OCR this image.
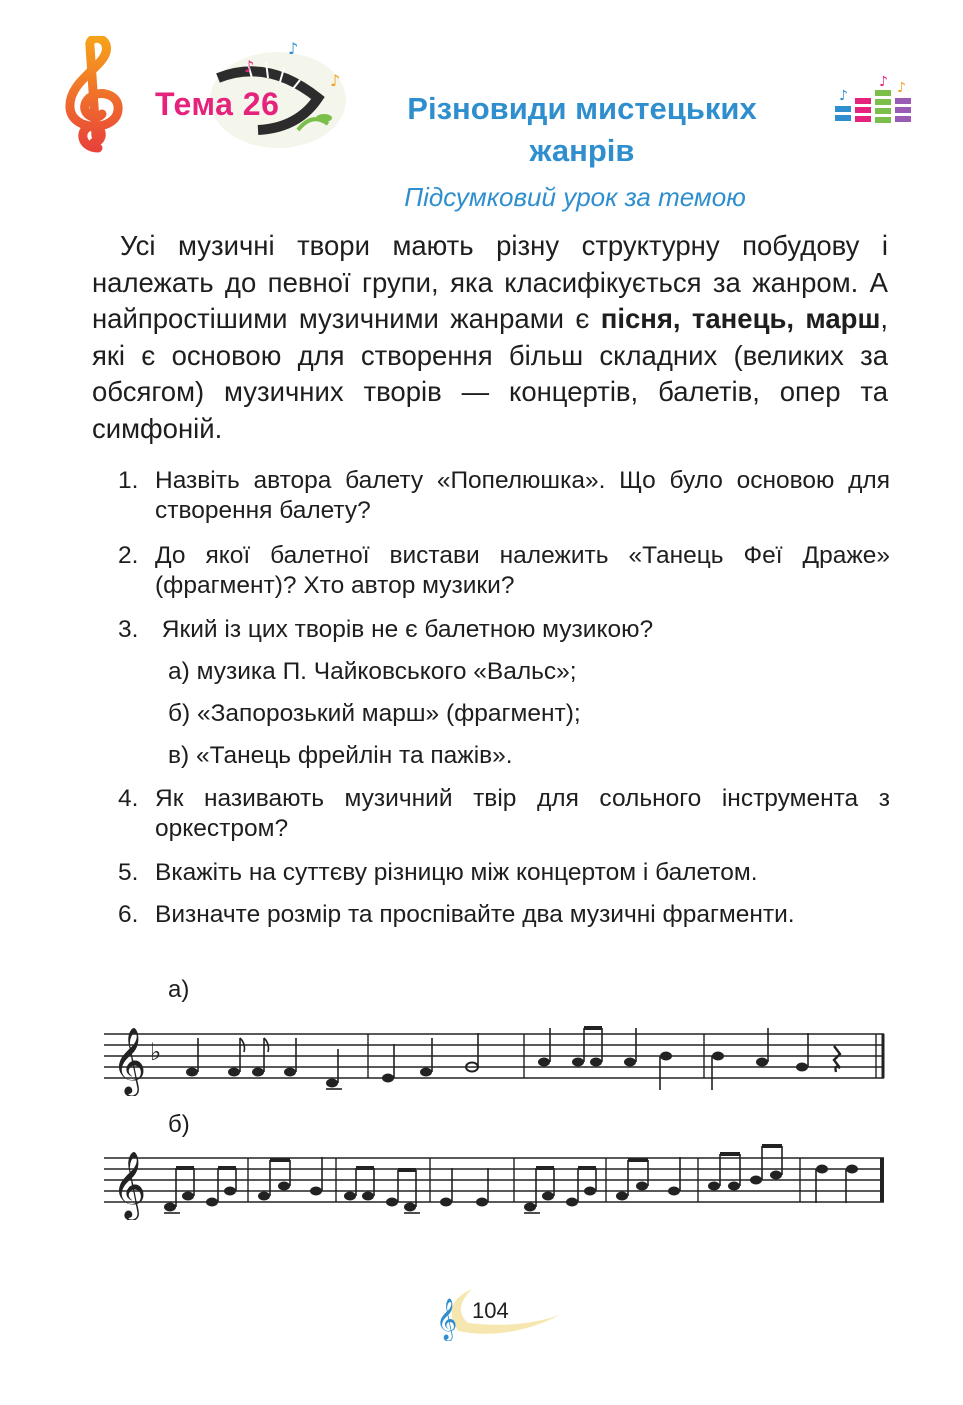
♪
♪
♪
Тема 26	Різновиди мистецьких
жанрів
♪
♪ ♪
Підсумковий урок за темою
Усі музичні твори мають різну структурну побудову і належать до певної групи, яка класифікується за жанром. А найпростішими музичними жанрами є пісня, танець, марш, які є основою для створення більш складних (великих за обсягом) музичних творів — концертів, балетів, опер та симфоній.
1. Назвіть автора балету «Попелюшка». Що було основою для створення балету?
2. До якої балетної вистави належить «Танець Феї Драже» (фрагмент)? Хто автор музики?
3. Який із цих творів не є балетною музикою?
а) музика П. Чайковського «Вальс»;
б) «Запорозький марш» (фрагмент);
в) «Танець фрейлін та пажів».
4. Як називають музичний твір для сольного інструмента з оркестром?
5. Вкажіть на суттєву різницю між концертом і балетом.
6. Визначте розмір та проспівайте два музичні фрагменти.
а)
𝄞 ♭
б)
𝄞
𝄞 104
